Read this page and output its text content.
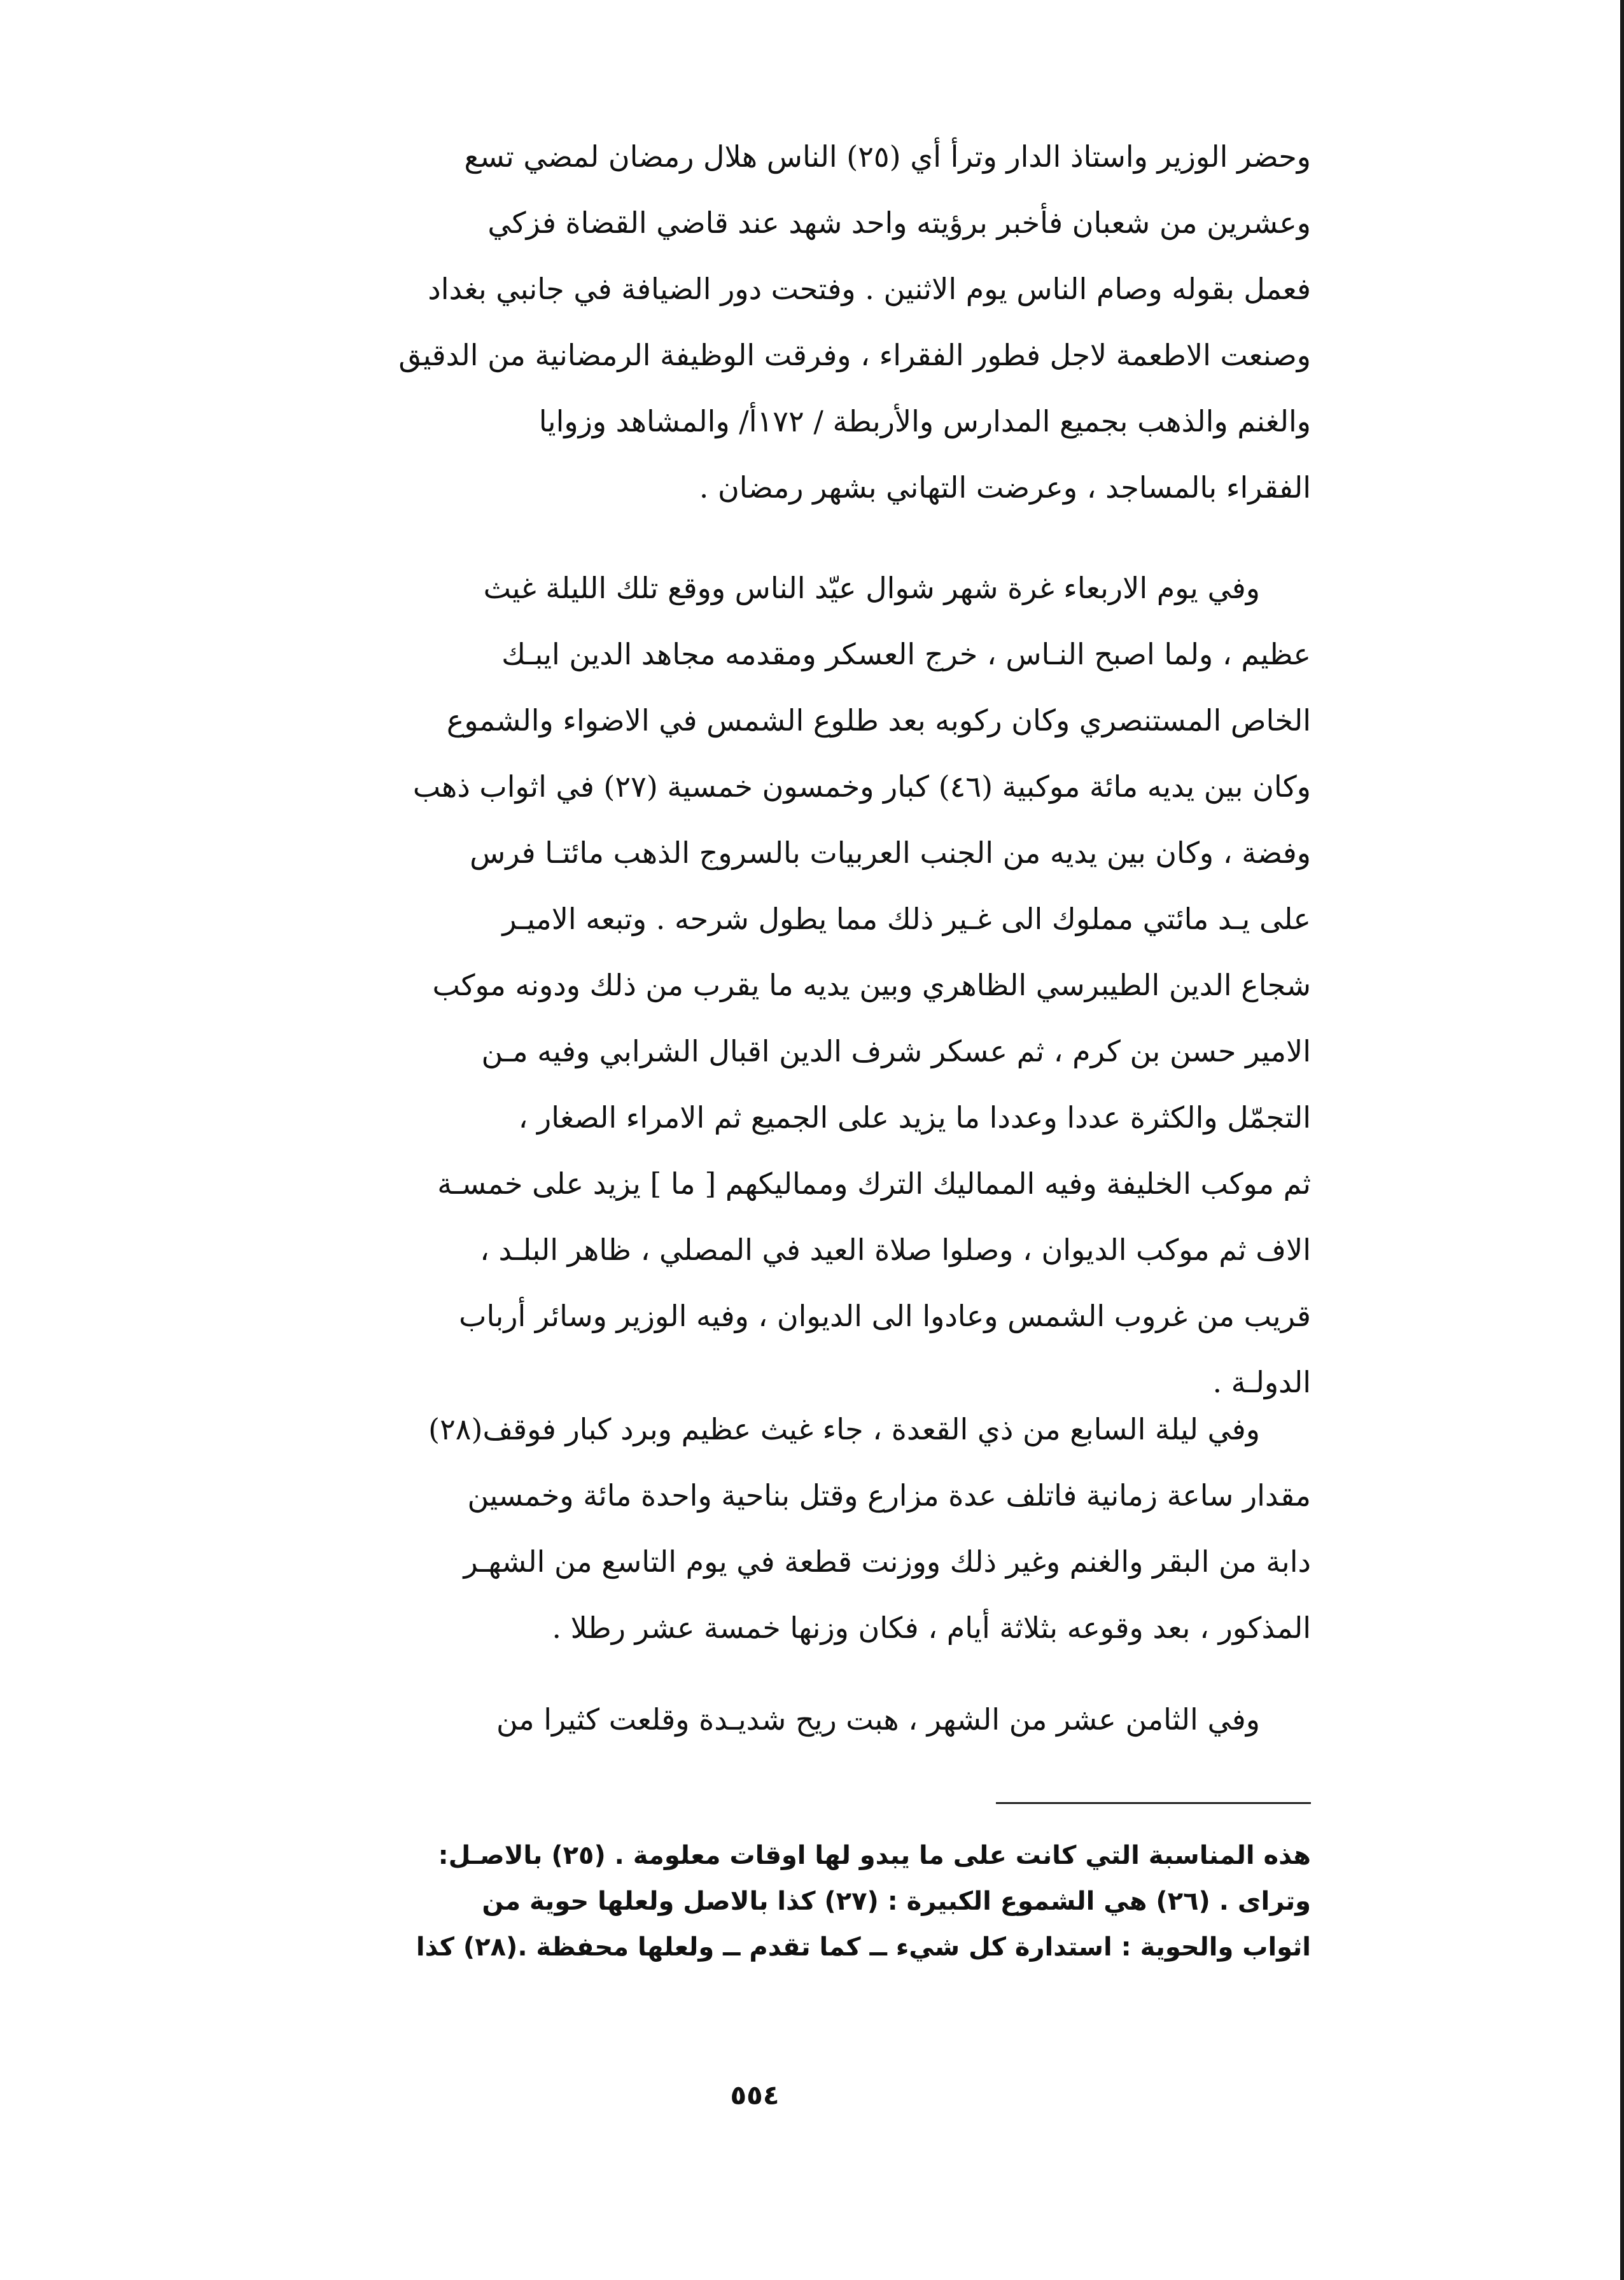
وحضر الوزير واستاذ الدار وترأ أي (٢٥) الناس هلال رمضان لمضي تسع
وعشرين من شعبان فأخبر برؤيته واحد شهد عند قاضي القضاة فزكي
فعمل بقوله وصام الناس يوم الاثنين . وفتحت دور الضيافة في جانبي بغداد
وصنعت الاطعمة لاجل فطور الفقراء ، وفرقت الوظيفة الرمضانية من الدقيق
والغنم والذهب بجميع المدارس والأربطة / ١٧٢أ/ والمشاهد وزوايا
الفقراء بالمساجد ، وعرضت التهاني بشهر رمضان .

وفي يوم الاربعاء غرة شهر شوال عيّد الناس ووقع تلك الليلة غيث
عظيم ، ولما اصبح النـاس ، خرج العسكر ومقدمه مجاهد الدين ايبـك
الخاص المستنصري وكان ركوبه بعد طلوع الشمس في الاضواء والشموع
وكان بين يديه مائة موكبية (٤٦) كبار وخمسون خمسية (٢٧) في اثواب ذهب
وفضة ، وكان بين يديه من الجنب العربيات بالسروج الذهب مائتـا فرس
على يـد مائتي مملوك الى غـير ذلك مما يطول شرحه . وتبعه الاميـر
شجاع الدين الطيبرسي الظاهري وبين يديه ما يقرب من ذلك ودونه موكب
الامير حسن بن كرم ، ثم عسكر شرف الدين اقبال الشرابي وفيه مـن
التجمّل والكثرة عددا وعددا ما يزيد على الجميع ثم الامراء الصغار ،
ثم موكب الخليفة وفيه المماليك الترك ومماليكهم [ ما ] يزيد على خمسـة
الاف ثم موكب الديوان ، وصلوا صلاة العيد في المصلي ، ظاهر البلـد ،
قريب من غروب الشمس وعادوا الى الديوان ، وفيه الوزير وسائر أرباب
الدولـة .

وفي ليلة السابع من ذي القعدة ، جاء غيث عظيم وبرد كبار فوقف(٢٨)
مقدار ساعة زمانية فاتلف عدة مزارع وقتل بناحية واحدة مائة وخمسين
دابة من البقر والغنم وغير ذلك ووزنت قطعة في يوم التاسع من الشهـر
المذكور ، بعد وقوعه بثلاثة أيام ، فكان وزنها خمسة عشر رطلا .

وفي الثامن عشر من الشهر ، هبت ريح شديـدة وقلعت كثيرا من

هذه المناسبة التي كانت على ما يبدو لها اوقات معلومة . (٢٥) بالاصـل:
وتراى . (٢٦) هي الشموع الكبيرة : (٢٧) كذا بالاصل ولعلها حوية من
اثواب والحوية : استدارة كل شيء ــ كما تقدم ــ ولعلها محفظة .(٢٨) كذا
٥٥٤
